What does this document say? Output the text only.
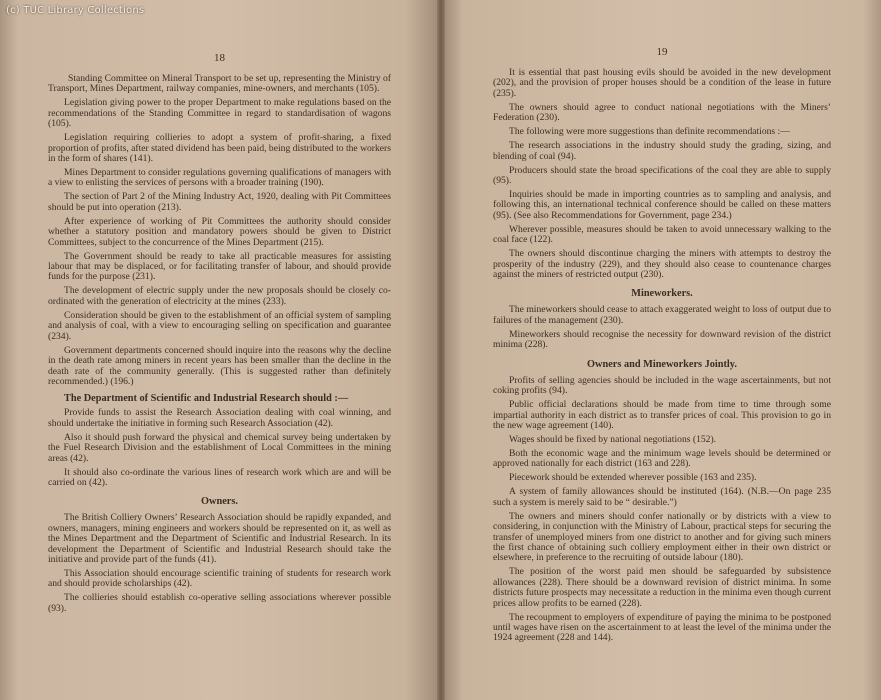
(c) TUC Library Collections
18

Standing Committee on Mineral Transport to be set up, representing the Ministry of Transport, Mines Department, railway companies, mine-owners, and merchants (105).

Legislation giving power to the proper Department to make regulations based on the recommendations of the Standing Committee in regard to standardisation of wagons (105).

Legislation requiring collieries to adopt a system of profit-sharing, a fixed proportion of profits, after stated dividend has been paid, being distributed to the workers in the form of shares (141).

Mines Department to consider regulations governing qualifications of managers with a view to enlisting the services of persons with a broader training (190).

The section of Part 2 of the Mining Industry Act, 1920, dealing with Pit Committees should be put into operation (213).

After experience of working of Pit Committees the authority should consider whether a statutory position and mandatory powers should be given to District Committees, subject to the concurrence of the Mines Department (215).

The Government should be ready to take all practicable measures for assisting labour that may be displaced, or for facilitating transfer of labour, and should provide funds for the purpose (231).

The development of electric supply under the new proposals should be closely co-ordinated with the generation of electricity at the mines (233).

Consideration should be given to the establishment of an official system of sampling and analysis of coal, with a view to encouraging selling on specification and guarantee (234).

Government departments concerned should inquire into the reasons why the decline in the death rate among miners in recent years has been smaller than the decline in the death rate of the community generally. (This is suggested rather than definitely recommended.) (196.)

The Department of Scientific and Industrial Research should :—

Provide funds to assist the Research Association dealing with coal winning, and should undertake the initiative in forming such Research Association (42).

Also it should push forward the physical and chemical survey being undertaken by the Fuel Research Division and the establishment of Local Committees in the mining areas (42).

It should also co-ordinate the various lines of research work which are and will be carried on (42).

Owners.

The British Colliery Owners’ Research Association should be rapidly expanded, and owners, managers, mining engineers and workers should be represented on it, as well as the Mines Department and the Department of Scientific and Industrial Research. In its development the Department of Scientific and Industrial Research should take the initiative and provide part of the funds (41).

This Association should encourage scientific training of students for research work and should provide scholarships (42).

The collieries should establish co-operative selling associations wherever possible (93).

19

It is essential that past housing evils should be avoided in the new development (202), and the provision of proper houses should be a condition of the lease in future (235).

The owners should agree to conduct national negotiations with the Miners’ Federation (230).

The following were more suggestions than definite recommendations :—

The research associations in the industry should study the grading, sizing, and blending of coal (94).

Producers should state the broad specifications of the coal they are able to supply (95).

Inquiries should be made in importing countries as to sampling and analysis, and following this, an international technical conference should be called on these matters (95). (See also Recommendations for Government, page 234.)

Wherever possible, measures should be taken to avoid unnecessary walking to the coal face (122).

The owners should discontinue charging the miners with attempts to destroy the prosperity of the industry (229), and they should also cease to countenance charges against the miners of restricted output (230).

Mineworkers.

The mineworkers should cease to attach exaggerated weight to loss of output due to failures of the management (230).

Mineworkers should recognise the necessity for downward revision of the district minima (228).

Owners and Mineworkers Jointly.

Profits of selling agencies should be included in the wage ascertainments, but not coking profits (94).

Public official declarations should be made from time to time through some impartial authority in each district as to transfer prices of coal. This provision to go in the new wage agreement (140).

Wages should be fixed by national negotiations (152).

Both the economic wage and the minimum wage levels should be determined or approved nationally for each district (163 and 228).

Piecework should be extended wherever possible (163 and 235).

A system of family allowances should be instituted (164). (N.B.—On page 235 such a system is merely said to be “ desirable.”)

The owners and miners should confer nationally or by districts with a view to considering, in conjunction with the Ministry of Labour, practical steps for securing the transfer of unemployed miners from one district to another and for giving such miners the first chance of obtaining such colliery employment either in their own district or elsewhere, in preference to the recruiting of outside labour (180).

The position of the worst paid men should be safeguarded by subsistence allowances (228). There should be a downward revision of district minima. In some districts future prospects may necessitate a reduction in the minima even though current prices allow profits to be earned (228).

The recoupment to employers of expenditure of paying the minima to be postponed until wages have risen on the ascertainment to at least the level of the minima under the 1924 agreement (228 and 144).
